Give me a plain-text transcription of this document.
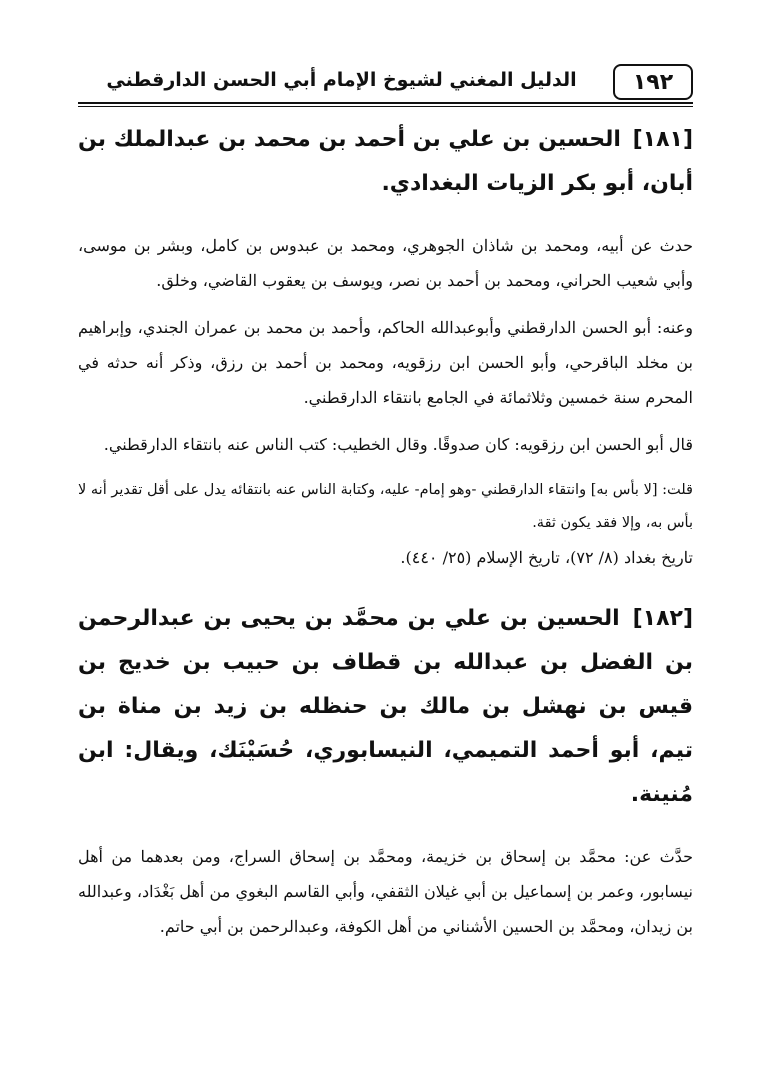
١٩٢
الدليل المغني لشيوخ الإمام أبي الحسن الدارقطني
[١٨١] الحسين بن علي بن أحمد بن محمد بن عبدالملك بن أبان، أبو بكر الزيات البغدادي.

حدث عن أبيه، ومحمد بن شاذان الجوهري، ومحمد بن عبدوس بن كامل، وبشر بن موسى، وأبي شعيب الحراني، ومحمد بن أحمد بن نصر، ويوسف بن يعقوب القاضي، وخلق.

وعنه: أبو الحسن الدارقطني وأبوعبدالله الحاكم، وأحمد بن محمد بن عمران الجندي، وإبراهيم بن مخلد الباقرحي، وأبو الحسن ابن رزقويه، ومحمد بن أحمد بن رزق، وذكر أنه حدثه في المحرم سنة خمسين وثلاثمائة في الجامع بانتقاء الدارقطني.

قال أبو الحسن ابن رزقويه: كان صدوقًا. وقال الخطيب: كتب الناس عنه بانتقاء الدارقطني.

قلت: [لا بأس به] وانتقاء الدارقطني -وهو إمام- عليه، وكتابة الناس عنه بانتقائه يدل على أقل تقدير أنه لا بأس به، وإلا فقد يكون ثقة.

تاريخ بغداد (٨/ ٧٢)، تاريخ الإسلام (٢٥/ ٤٤٠).

[١٨٢] الحسين بن علي بن محمَّد بن يحيى بن عبدالرحمن بن الفضل بن عبدالله بن قطاف بن حبيب بن خديج بن قيس بن نهشل بن مالك بن حنظله بن زيد بن مناة بن تيم، أبو أحمد التميمي، النيسابوري، حُسَيْنَك، ويقال: ابن مُنينة.

حدَّث عن: محمَّد بن إسحاق بن خزيمة، ومحمَّد بن إسحاق السراج، ومن بعدهما من أهل نيسابور، وعمر بن إسماعيل بن أبي غيلان الثقفي، وأبي القاسم البغوي من أهل بَغْدَاد، وعبدالله بن زيدان، ومحمَّد بن الحسين الأشناني من أهل الكوفة، وعبدالرحمن بن أبي حاتم.
